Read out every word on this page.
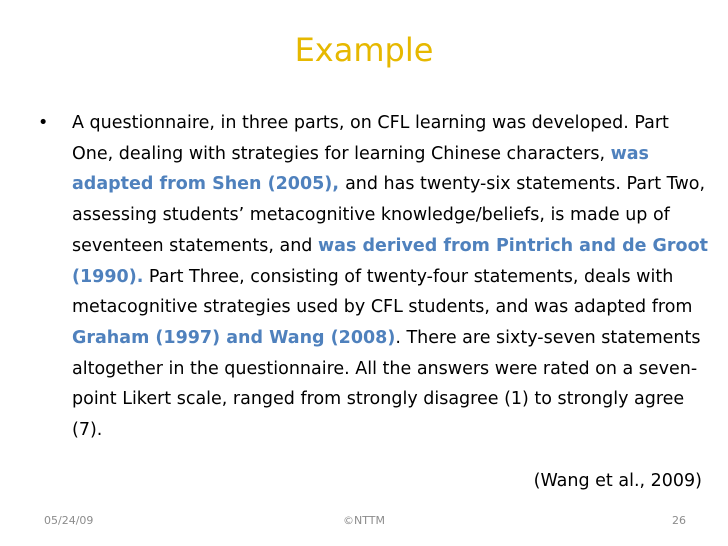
Example
• A questionnaire, in three parts, on CFL learning was developed. Part One, dealing with strategies for learning Chinese characters, was adapted from Shen (2005), and has twenty-six statements. Part Two, assessing students’ metacognitive knowledge/beliefs, is made up of seventeen statements, and was derived from Pintrich and de Groot (1990). Part Three, consisting of twenty-four statements, deals with metacognitive strategies used by CFL students, and was adapted from Graham (1997) and Wang (2008). There are sixty-seven statements altogether in the questionnaire. All the answers were rated on a seven-point Likert scale, ranged from strongly disagree (1) to strongly agree (7).
(Wang et al., 2009)
05/24/09	©NTTM	26
